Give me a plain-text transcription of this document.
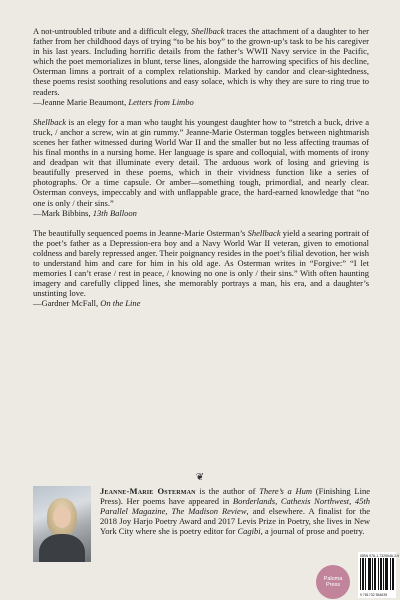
A not-untroubled tribute and a difficult elegy, Shellback traces the attachment of a daughter to her father from her childhood days of trying “to be his boy” to the grown-up’s task to be his caregiver in his last years. Including horrific details from the father’s WWII Navy service in the Pacific, which the poet memorializes in blunt, terse lines, alongside the harrowing specifics of his decline, Osterman limns a portrait of a complex relationship. Marked by candor and clear-sightedness, these poems resist soothing resolutions and easy solace, which is why they are sure to ring true to readers.
—Jeanne Marie Beaumont, Letters from Limbo
Shellback is an elegy for a man who taught his youngest daughter how to “stretch a buck, drive a truck, / anchor a screw, win at gin rummy.” Jeanne-Marie Osterman toggles between nightmarish scenes her father witnessed during World War II and the smaller but no less affecting traumas of his final months in a nursing home. Her language is spare and colloquial, with moments of irony and deadpan wit that illuminate every detail. The arduous work of losing and grieving is beautifully preserved in these poems, which in their vividness function like a series of photographs. Or a time capsule. Or amber—something tough, primordial, and nearly clear. Osterman conveys, impeccably and with unflappable grace, the hard-earned knowledge that “no one is only / their sins.”
—Mark Bibbins, 13th Balloon
The beautifully sequenced poems in Jeanne-Marie Osterman’s Shellback yield a searing portrait of the poet’s father as a Depression-era boy and a Navy World War II veteran, given to emotional coldness and barely repressed anger. Their poignancy resides in the poet’s filial devotion, her wish to understand him and care for him in his old age. As Osterman writes in “Forgive:” “I let memories I can’t erase / rest in peace, / knowing no one is only / their sins.” With often haunting imagery and carefully clipped lines, she memorably portrays a man, his era, and a daughter’s unstinting love.
—Gardner McFall, On the Line
❦
Jeanne-Marie Osterman is the author of There’s a Hum (Finishing Line Press). Her poems have appeared in Borderlands, Cathexis Northwest, 45th Parallel Magazine, The Madison Review, and elsewhere. A finalist for the 2018 Joy Harjo Poetry Award and 2017 Levis Prize in Poetry, she lives in New York City where she is poetry editor for Cagibi, a journal of prose and poetry.
Paloma Press
ISBN 978-1-7325546-3-9
9 781732 554639
